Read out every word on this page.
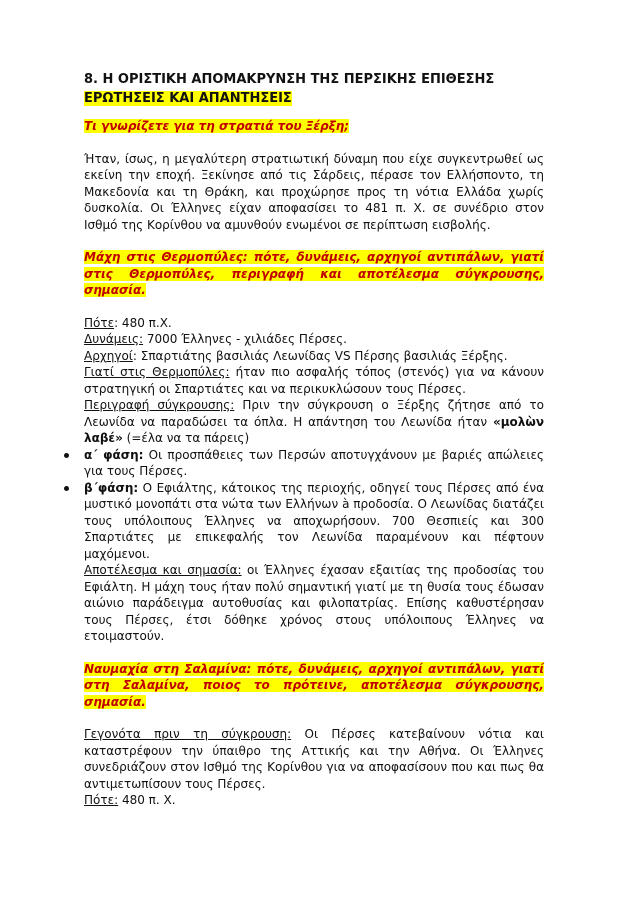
8. Η ΟΡΙΣΤΙΚΗ ΑΠΟΜΑΚΡΥΝΣΗ ΤΗΣ ΠΕΡΣΙΚΗΣ ΕΠΙΘΕΣΗΣ

ΕΡΩΤΗΣΕΙΣ ΚΑΙ ΑΠΑΝΤΗΣΕΙΣ

Τι γνωρίζετε για τη στρατιά του Ξέρξη;

Ήταν, ίσως, η μεγαλύτερη στρατιωτική δύναμη που είχε συγκεντρωθεί ως εκείνη την εποχή. Ξεκίνησε από τις Σάρδεις, πέρασε τον Ελλήσποντο, τη Μακεδονία και τη Θράκη, και προχώρησε προς τη νότια Ελλάδα χωρίς δυσκολία. Οι Έλληνες είχαν αποφασίσει το 481 π. Χ. σε συνέδριο στον Ισθμό της Κορίνθου να αμυνθούν ενωμένοι σε περίπτωση εισβολής.

Μάχη στις Θερμοπύλες: πότε, δυνάμεις, αρχηγοί αντιπάλων, γιατί στις Θερμοπύλες, περιγραφή και αποτέλεσμα σύγκρουσης, σημασία.

Πότε: 480 π.Χ.

Δυνάμεις: 7000 Έλληνες - χιλιάδες Πέρσες.

Αρχηγοί: Σπαρτιάτης βασιλιάς Λεωνίδας VS Πέρσης βασιλιάς Ξέρξης.

Γιατί στις Θερμοπύλες: ήταν πιο ασφαλής τόπος (στενός) για να κάνουν στρατηγική οι Σπαρτιάτες και να περικυκλώσουν τους Πέρσες.

Περιγραφή σύγκρουσης: Πριν την σύγκρουση ο Ξέρξης ζήτησε από το Λεωνίδα να παραδώσει τα όπλα. Η απάντηση του Λεωνίδα ήταν «μολὼν λαβέ» (=έλα να τα πάρεις)

α΄ φάση: Οι προσπάθειες των Περσών αποτυγχάνουν με βαριές απώλειες για τους Πέρσες.
β΄φάση: Ο Εφιάλτης, κάτοικος της περιοχής, οδηγεί τους Πέρσες από ένα μυστικό μονοπάτι στα νώτα των Ελλήνων à προδοσία. Ο Λεωνίδας διατάζει τους υπόλοιπους Έλληνες να αποχωρήσουν. 700 Θεσπιείς και 300 Σπαρτιάτες με επικεφαλής τον Λεωνίδα παραμένουν και πέφτουν μαχόμενοι.

Αποτέλεσμα και σημασία: οι Έλληνες έχασαν εξαιτίας της προδοσίας του Εφιάλτη. Η μάχη τους ήταν πολύ σημαντική γιατί με τη θυσία τους έδωσαν αιώνιο παράδειγμα αυτοθυσίας και φιλοπατρίας. Επίσης καθυστέρησαν τους Πέρσες, έτσι δόθηκε χρόνος στους υπόλοιπους Έλληνες να ετοιμαστούν.

Ναυμαχία στη Σαλαμίνα: πότε, δυνάμεις, αρχηγοί αντιπάλων, γιατί στη Σαλαμίνα, ποιος το πρότεινε, αποτέλεσμα σύγκρουσης, σημασία.

Γεγονότα πριν τη σύγκρουση: Οι Πέρσες κατεβαίνουν νότια και καταστρέφουν την ύπαιθρο της Αττικής και την Αθήνα. Οι Έλληνες συνεδριάζουν στον Ισθμό της Κορίνθου για να αποφασίσουν που και πως θα αντιμετωπίσουν τους Πέρσες.

Πότε: 480 π. Χ.
